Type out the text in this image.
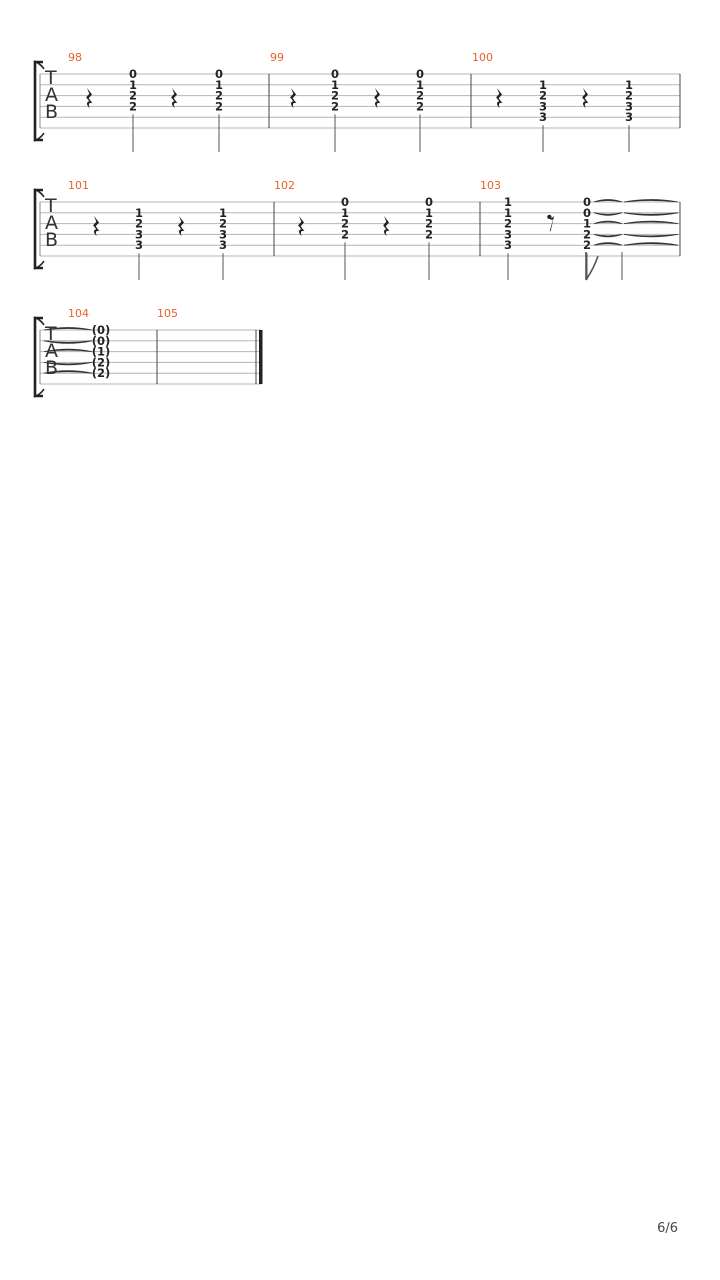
T
A
B
98
0
1
2
2
0
1
2
2
99
0
1
2
2
0
1
2
2
100
1
2
3
3
1
2
3
3
T
A
B
101
1
2
3
3
1
2
3
3
102
0
1
2
2
0
1
2
2
103
1
1
2
3
3
0
0
1
2
2
T
A
B
104
(0)
(0)
(1)
(2)
(2)
105
6/6
